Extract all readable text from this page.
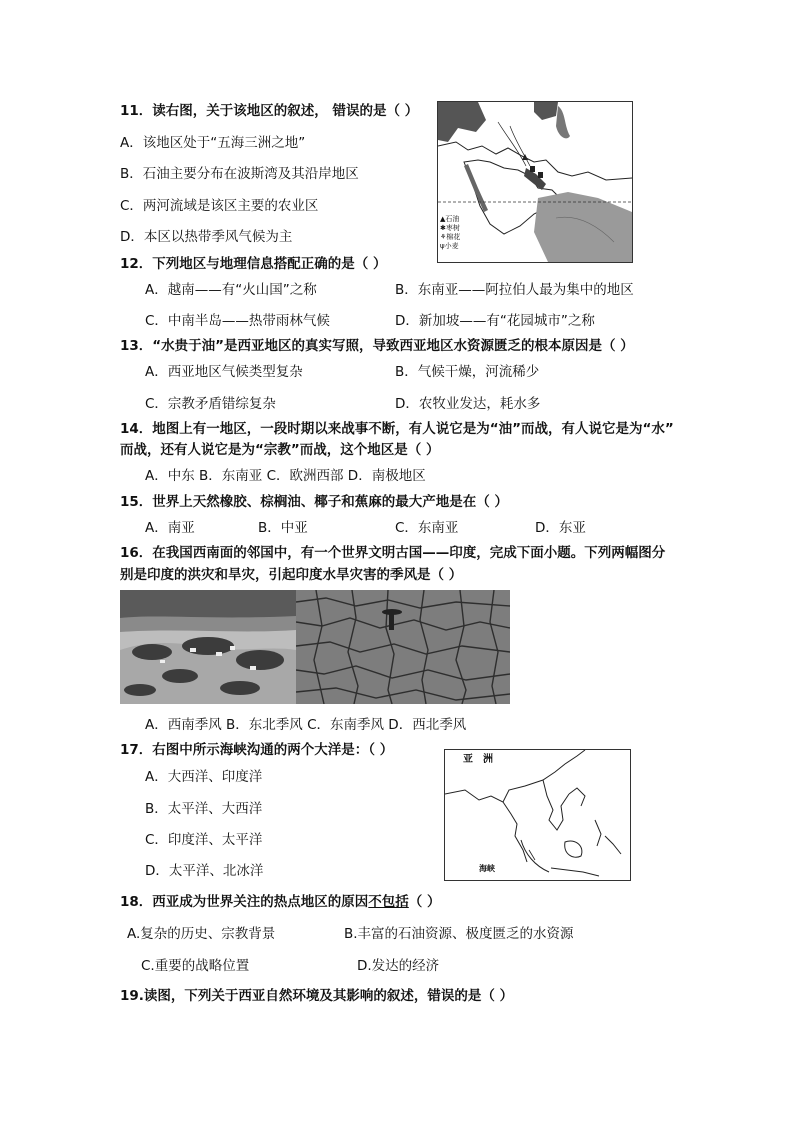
11．读右图，关于该地区的叙述， 错误的是（ ）
A．该地区处于“五海三洲之地”
B．石油主要分布在波斯湾及其沿岸地区
C．两河流域是该区主要的农业区
D．本区以热带季风气候为主
▲石油
✱枣树
⚘棉花
ψ小麦
12．下列地区与地理信息搭配正确的是（ ）
A．越南——有“火山国”之称	B．东南亚——阿拉伯人最为集中的地区
C．中南半岛——热带雨林气候	D．新加坡——有“花园城市”之称
13．“水贵于油”是西亚地区的真实写照，导致西亚地区水资源匮乏的根本原因是（ ）
A．西亚地区气候类型复杂	B．气候干燥，河流稀少
C．宗教矛盾错综复杂	D．农牧业发达，耗水多
14．地图上有一地区，一段时期以来战事不断，有人说它是为“油”而战，有人说它是为“水”
而战，还有人说它是为“宗教”而战，这个地区是（ ）
A．中东 B．东南亚 C．欧洲西部 D．南极地区
15．世界上天然橡胶、棕榈油、椰子和蕉麻的最大产地是在（ ）
A．南亚	B．中亚	C．东南亚	D．东亚
16．在我国西南面的邻国中，有一个世界文明古国——印度，完成下面小题。下列两幅图分
别是印度的洪灾和旱灾，引起印度水旱灾害的季风是（ ）
A．西南季风 B．东北季风 C．东南季风 D．西北季风
17．右图中所示海峡沟通的两个大洋是：（ ）
A．大西洋、印度洋
B．太平洋、大西洋
C．印度洋、太平洋
D．太平洋、北冰洋
亚　洲
海峡
18．西亚成为世界关注的热点地区的原因不包括（ ）
A.复杂的历史、宗教背景	B.丰富的石油资源、极度匮乏的水资源
C.重要的战略位置	D.发达的经济
19.读图，下列关于西亚自然环境及其影响的叙述，错误的是（ ）
